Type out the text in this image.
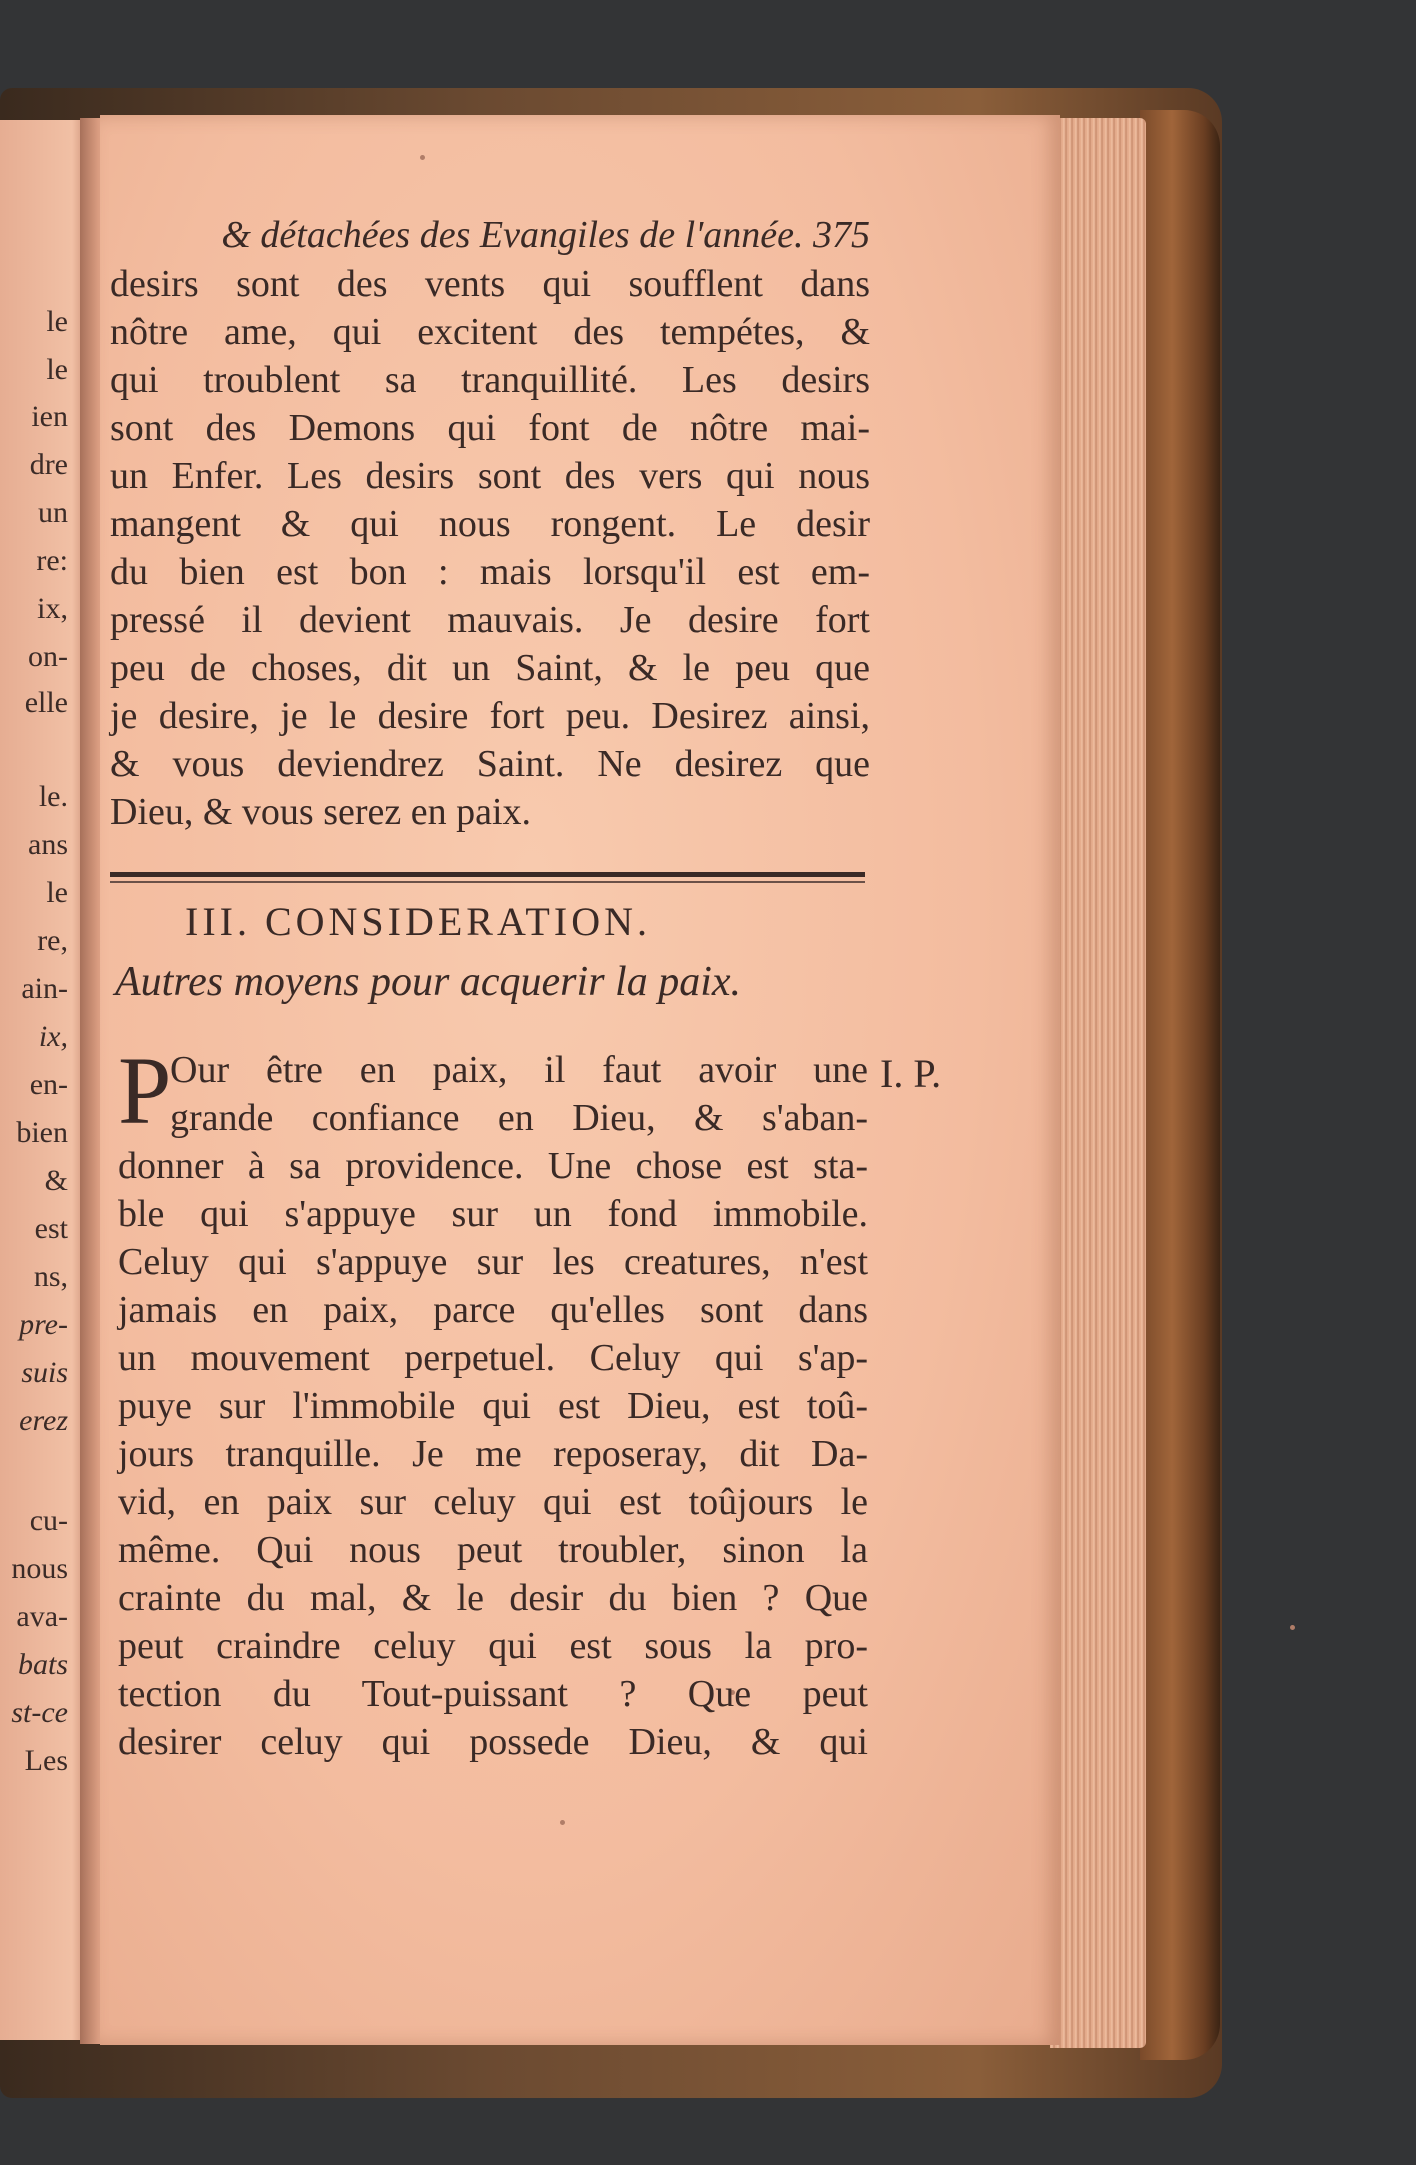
le
le
ien
dre
un
re:
ix,
on-
elle
le.
ans
le
re,
ain-
ix,
en-
bien
&
est
ns,
pre-
suis
erez
cu-
nous
ava-
bats
st-ce
Les
& détachées des Evangiles de l'année. 375
desirs sont des vents qui soufflent dans
nôtre ame, qui excitent des tempétes, &
qui troublent sa tranquillité. Les desirs
sont des Demons qui font de nôtre mai-
un Enfer. Les desirs sont des vers qui nous
mangent & qui nous rongent. Le desir
du bien est bon : mais lorsqu'il est em-
pressé il devient mauvais. Je desire fort
peu de choses, dit un Saint, & le peu que
je desire, je le desire fort peu. Desirez ainsi,
& vous deviendrez Saint. Ne desirez que
Dieu, & vous serez en paix.
III. CONSIDERATION.
Autres moyens pour acquerir la paix.
P
Our être en paix, il faut avoir une
grande confiance en Dieu, & s'aban-
donner à sa providence. Une chose est sta-
ble qui s'appuye sur un fond immobile.
Celuy qui s'appuye sur les creatures, n'est
jamais en paix, parce qu'elles sont dans
un mouvement perpetuel. Celuy qui s'ap-
puye sur l'immobile qui est Dieu, est toû-
jours tranquille. Je me reposeray, dit Da-
vid, en paix sur celuy qui est toûjours le
même. Qui nous peut troubler, sinon la
crainte du mal, & le desir du bien ? Que
peut craindre celuy qui est sous la pro-
tection du Tout-puissant ? Que peut
desirer celuy qui possede Dieu, & qui
I. P.
